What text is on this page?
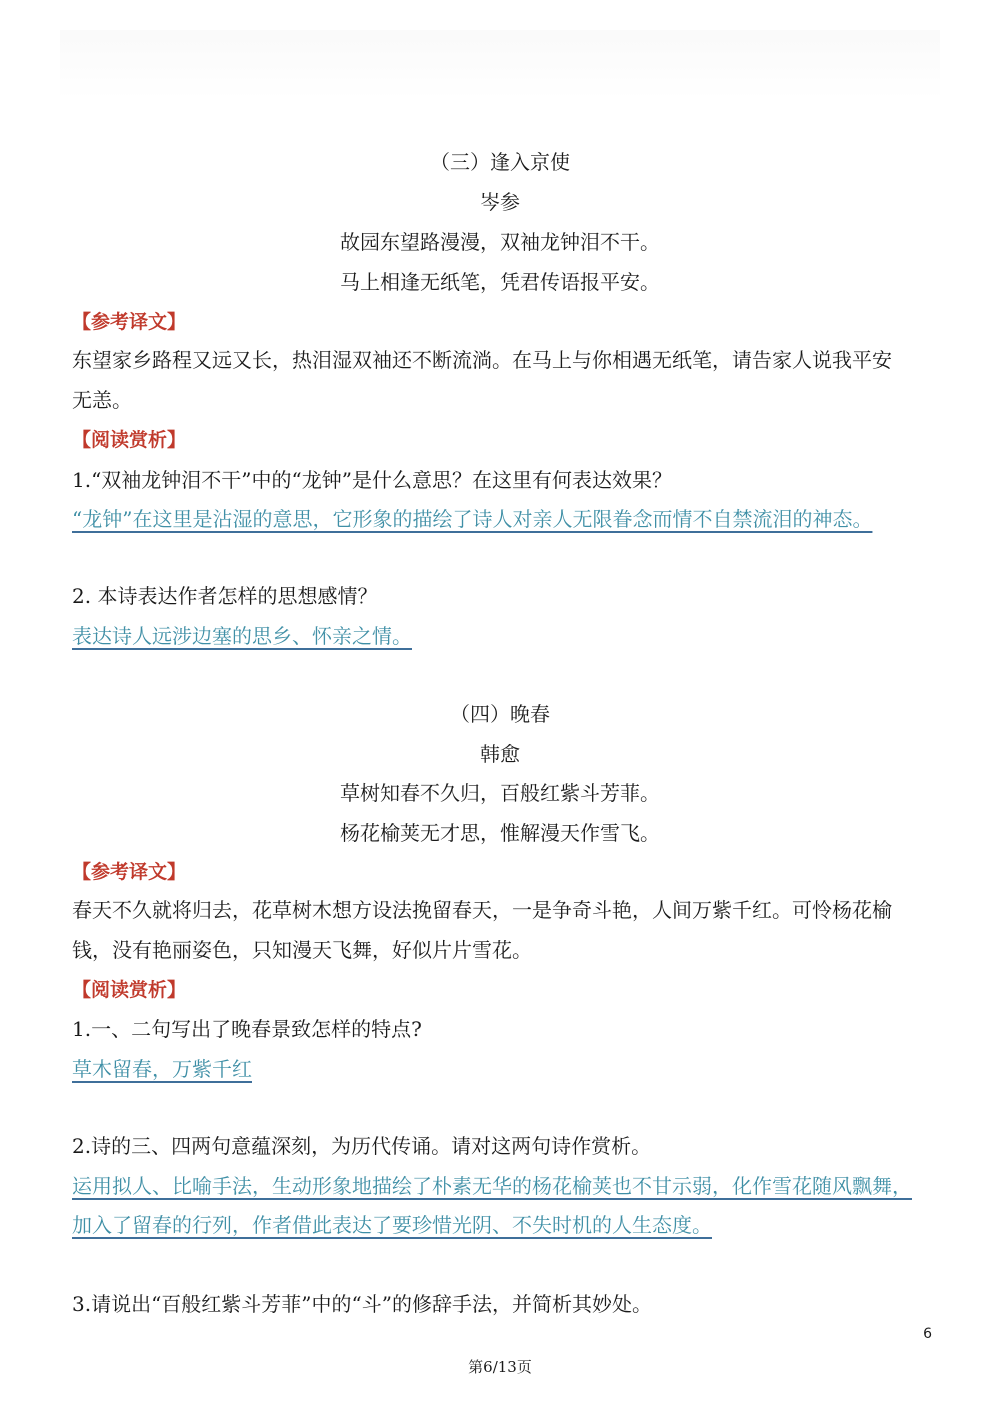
（三）逢入京使
岑参
故园东望路漫漫，双袖龙钟泪不干。
马上相逢无纸笔，凭君传语报平安。
【参考译文】
东望家乡路程又远又长，热泪湿双袖还不断流淌。在马上与你相遇无纸笔，请告家人说我平安
无恙。
【阅读赏析】
1.“双袖龙钟泪不干”中的“龙钟”是什么意思？在这里有何表达效果？
“龙钟”在这里是沾湿的意思，它形象的描绘了诗人对亲人无限眷念而情不自禁流泪的神态。
2. 本诗表达作者怎样的思想感情？
表达诗人远涉边塞的思乡、怀亲之情。
（四）晚春
韩愈
草树知春不久归，百般红紫斗芳菲。
杨花榆荚无才思，惟解漫天作雪飞。
【参考译文】
春天不久就将归去，花草树木想方设法挽留春天，一是争奇斗艳，人间万紫千红。可怜杨花榆
钱，没有艳丽姿色，只知漫天飞舞，好似片片雪花。
【阅读赏析】
1.一、二句写出了晚春景致怎样的特点?
草木留春，万紫千红
2.诗的三、四两句意蕴深刻，为历代传诵。请对这两句诗作赏析。
运用拟人、比喻手法，生动形象地描绘了朴素无华的杨花榆荚也不甘示弱，化作雪花随风飘舞，
加入了留春的行列，作者借此表达了要珍惜光阴、不失时机的人生态度。
3.请说出“百般红紫斗芳菲”中的“斗”的修辞手法，并简析其妙处。
6
第6/13页
